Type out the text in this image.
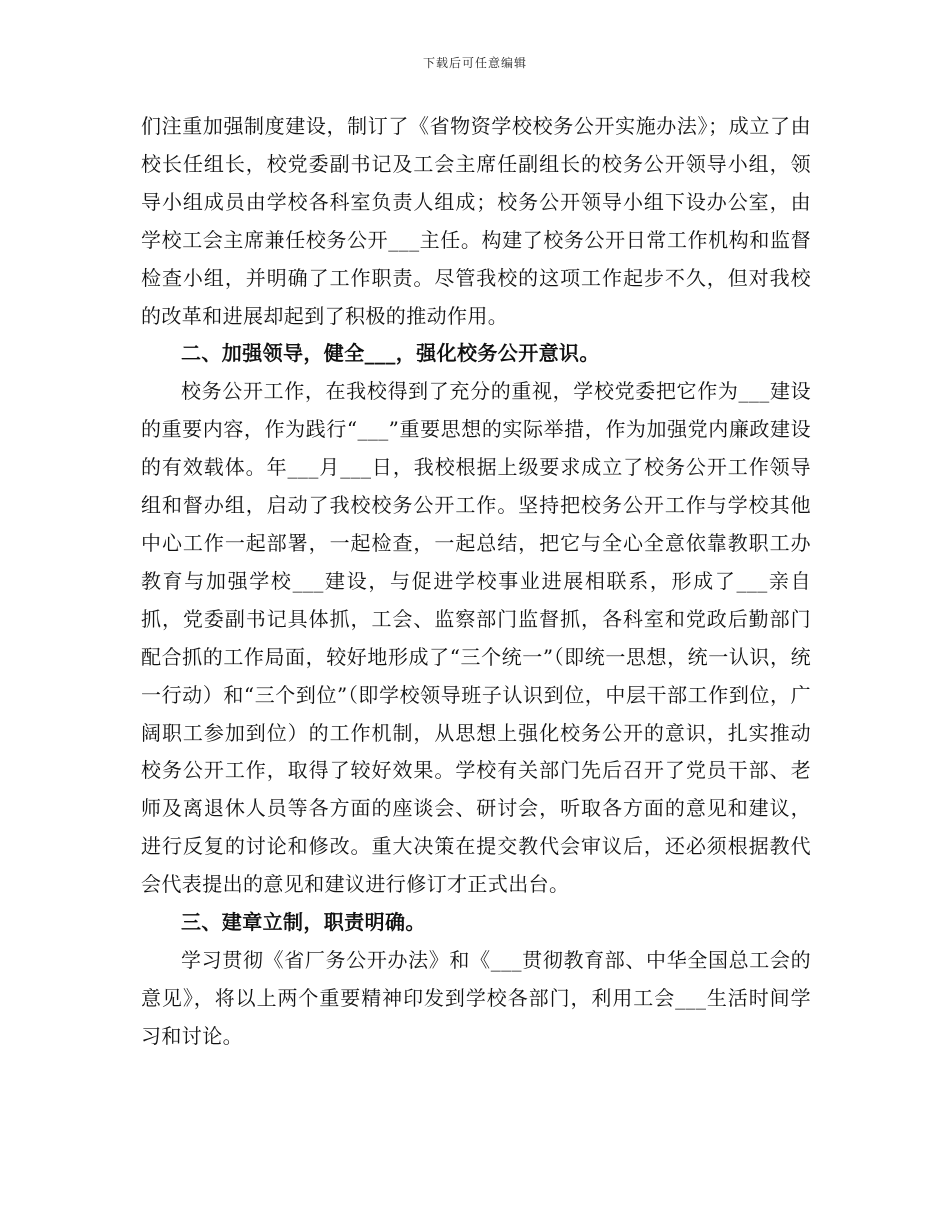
下载后可任意编辑

们注重加强制度建设，制订了《省物资学校校务公开实施办法》；成立了由校长任组长，校党委副书记及工会主席任副组长的校务公开领导小组，领导小组成员由学校各科室负责人组成；校务公开领导小组下设办公室，由学校工会主席兼任校务公开___主任。构建了校务公开日常工作机构和监督检查小组，并明确了工作职责。尽管我校的这项工作起步不久，但对我校的改革和进展却起到了积极的推动作用。

二、加强领导，健全___，强化校务公开意识。

校务公开工作，在我校得到了充分的重视，学校党委把它作为___建设的重要内容，作为践行“___”重要思想的实际举措，作为加强党内廉政建设的有效载体。年___月___日，我校根据上级要求成立了校务公开工作领导组和督办组，启动了我校校务公开工作。坚持把校务公开工作与学校其他中心工作一起部署，一起检查，一起总结，把它与全心全意依靠教职工办教育与加强学校___建设，与促进学校事业进展相联系，形成了___亲自抓，党委副书记具体抓，工会、监察部门监督抓，各科室和党政后勤部门配合抓的工作局面，较好地形成了“三个统一”（即统一思想，统一认识，统一行动）和“三个到位”（即学校领导班子认识到位，中层干部工作到位，广阔职工参加到位）的工作机制，从思想上强化校务公开的意识，扎实推动校务公开工作，取得了较好效果。学校有关部门先后召开了党员干部、老师及离退休人员等各方面的座谈会、研讨会，听取各方面的意见和建议，进行反复的讨论和修改。重大决策在提交教代会审议后，还必须根据教代会代表提出的意见和建议进行修订才正式出台。

三、建章立制，职责明确。

学习贯彻《省厂务公开办法》和《___贯彻教育部、中华全国总工会的意见》，将以上两个重要精神印发到学校各部门，利用工会___生活时间学习和讨论。
